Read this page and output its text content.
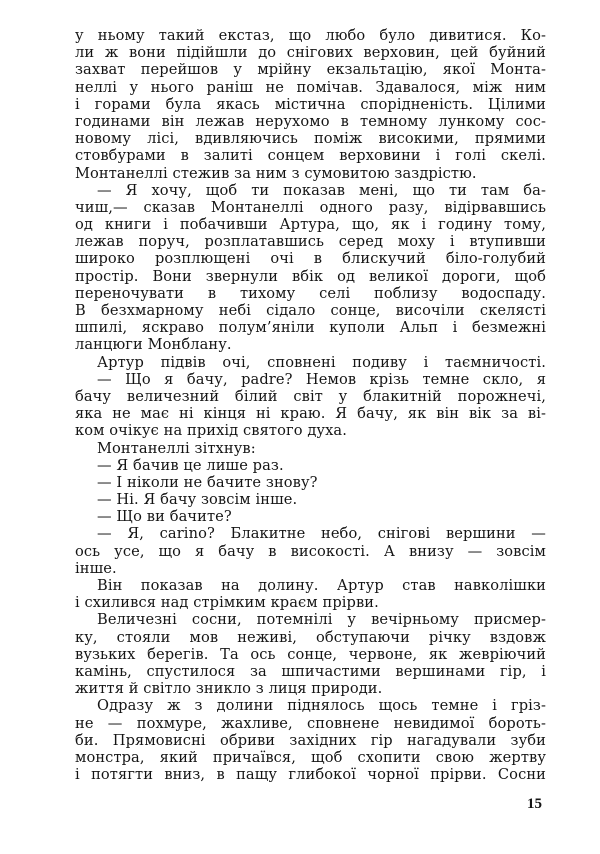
у ньому такий екстаз, що любо було дивитися. Ко-
ли ж вони підійшли до снігових верховин, цей буйний
захват перейшов у мрійну екзальтацію, якої Монта-
неллі у нього раніш не помічав. Здавалося, між ним
і горами була якась містична спорідненість. Цілими
годинами він лежав нерухомо в темному лункому сос-
новому лісі, вдивляючись поміж високими, прямими
стовбурами в залиті сонцем верховини і голі скелі.
Монтанеллі стежив за ним з сумовитою заздрістю.
— Я хочу, щоб ти показав мені, що ти там ба-
чиш,— сказав Монтанеллі одного разу, відірвавшись
од книги і побачивши Артура, що, як і годину тому,
лежав поруч, розплатавшись серед моху і втупивши
широко розплющені очі в блискучий біло-голубий
простір. Вони звернули вбік од великої дороги, щоб
переночувати в тихому селі поблизу водоспаду.
В безхмарному небі сідало сонце, височіли скелясті
шпилі, яскраво полум’яніли куполи Альп і безмежні
ланцюги Монблану.
Артур підвів очі, сповнені подиву і таємничості.
— Що я бачу, padre? Немов крізь темне скло, я
бачу величезний білий світ у блакитній порожнечі,
яка не має ні кінця ні краю. Я бачу, як він вік за ві-
ком очікує на прихід святого духа.
Монтанеллі зітхнув:
— Я бачив це лише раз.
— І ніколи не бачите знову?
— Ні. Я бачу зовсім інше.
— Що ви бачите?
— Я, carino? Блакитне небо, снігові вершини —
ось усе, що я бачу в високості. А внизу — зовсім
інше.
Він показав на долину. Артур став навколішки
і схилився над стрімким краєм прірви.
Величезні сосни, потемнілі у вечірньому присмер-
ку, стояли мов неживі, обступаючи річку вздовж
вузьких берегів. Та ось сонце, червоне, як жевріючий
камінь, спустилося за шпичастими вершинами гір, і
життя й світло зникло з лиця природи.
Одразу ж з долини піднялось щось темне і гріз-
не — похмуре, жахливе, сповнене невидимої бороть-
би. Прямовисні обриви західних гір нагадували зуби
монстра, який причаївся, щоб схопити свою жертву
і потягти вниз, в пащу глибокої чорної прірви. Сосни
15
